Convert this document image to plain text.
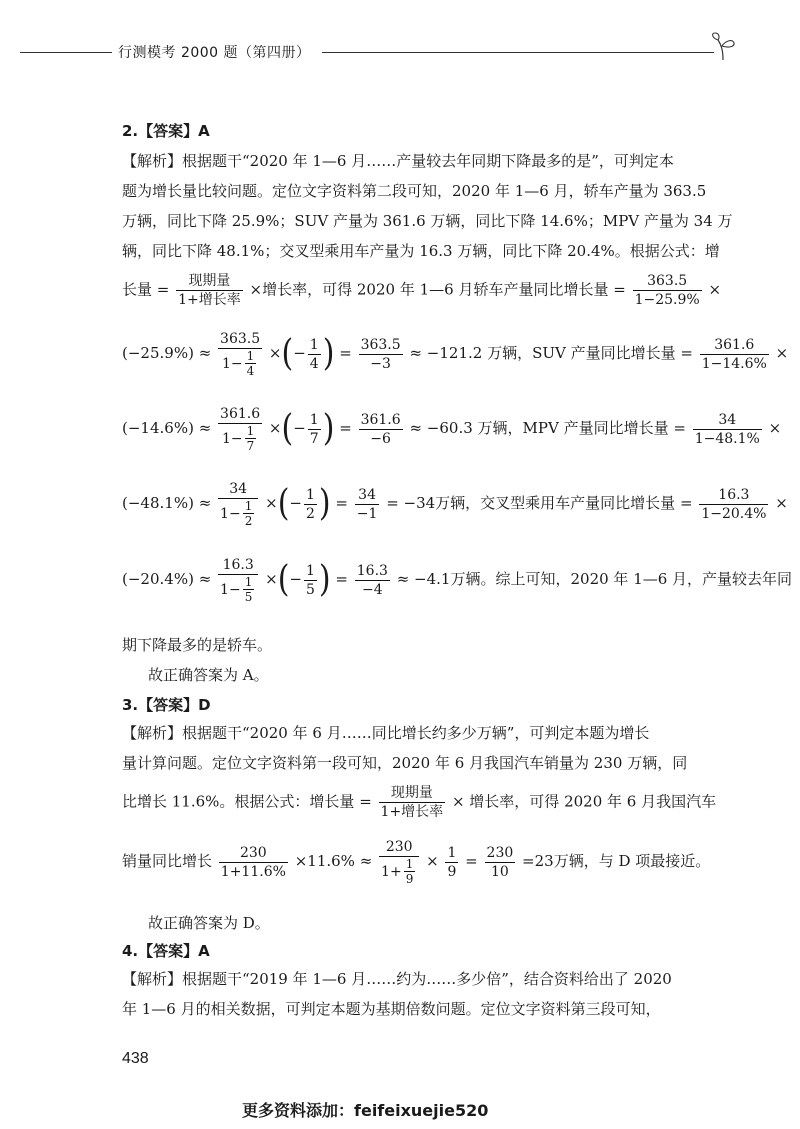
行测模考 2000 题（第四册）
2.【答案】A
【解析】根据题干“2020 年 1—6 月……产量较去年同期下降最多的是”，可判定本
题为增长量比较问题。定位文字资料第二段可知，2020 年 1—6 月，轿车产量为 363.5
万辆，同比下降 25.9%；SUV 产量为 361.6 万辆，同比下降 14.6%；MPV 产量为 34 万
辆，同比下降 48.1%；交叉型乘用车产量为 16.3 万辆，同比下降 20.4%。根据公式：增
长量 =	现期量
1+增长率
×增长率，可得 2020 年 1—6 月轿车产量同比增长量 = $\frac{363.5}{1-25.9\%}$ ×
$(-25.9\%) \approx \frac{363.5}{1- \frac{1}{4}}$ ×(− $\frac{1}{4}$ ) = $\frac{363.5}{-3} \approx -121.2$ 万辆，SUV 产量同比增长量 = $\frac{361.6}{1-14.6\%}$ ×
$(-14.6\%) \approx \frac{361.6}{1- \frac{1}{7}}$ ×(− $\frac{1}{7}$ ) = $\frac{361.6}{-6} \approx -60.3$ 万辆，MPV 产量同比增长量 = $\frac{34}{1-48.1\%}$ ×
$(-48.1\%) \approx \frac{34}{1- \frac{1}{2}}$ ×(− $\frac{1}{2}$ ) = $\frac{34}{-1} = -34$万辆，交叉型乘用车产量同比增长量 = $\frac{16.3}{1-20.4\%}$ ×
$(-20.4\%) \approx \frac{16.3}{1- \frac{1}{5}}$ ×(− $\frac{1}{5}$ ) = $\frac{16.3}{-4} \approx -4.1$万辆。综上可知，2020 年 1—6 月，产量较去年同
期下降最多的是轿车。
故正确答案为 A。
3.【答案】D
【解析】根据题干“2020 年 6 月……同比增长约多少万辆”，可判定本题为增长
量计算问题。定位文字资料第一段可知，2020 年 6 月我国汽车销量为 230 万辆，同
比增长 11.6%。根据公式：增长量 =	现期量
1+增长率
× 增长率，可得 2020 年 6 月我国汽车
销量同比增长 $\frac{230}{1+11.6\%} \times 11.6\% \approx \frac{230}{1+ \frac{1}{9}} \times \frac{1}{9} = \frac{230}{10} =23$万辆，与 D 项最接近。
故正确答案为 D。
4.【答案】A
【解析】根据题干“2019 年 1—6 月……约为……多少倍”，结合资料给出了 2020
年 1—6 月的相关数据，可判定本题为基期倍数问题。定位文字资料第三段可知，
438
更多资料添加：feifeixuejie520
